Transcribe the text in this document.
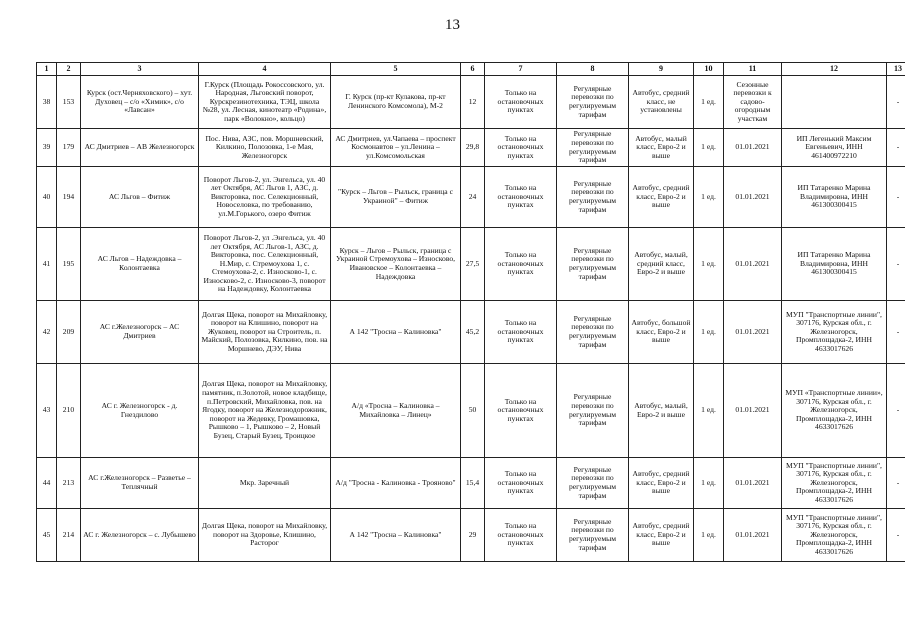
13
1	2	3	4	5	6	7	8	9	10	11	12	13
38	153	Курск (ост.Черняховского) – хут. Духовец – с/о «Химик», с/о «Лавсан»	Г.Курск (Площадь Рокоссовского, ул. Народная, Льговский поворот, Курскрезинотехника, ТЭЦ, школа №28, ул. Лесная, кинотеатр «Родина», парк «Волокно», кольцо)	Г. Курск (пр-кт Кулакова, пр-кт Ленинского Комсомола), М-2	12	Только на остановочных пунктах	Регулярные перевозки по регулируемым тарифам	Автобус, средний класс, не установлены	1 ед.	Сезонные перевозки к садово-огородным участкам		-
39	179	АС Дмитриев – АВ Железногорск	Пос. Нива, АЗС, пов. Моршневский, Килкино, Полозовка, 1-е Мая, Железногорск	АС Дмитриев, ул.Чапаева – проспект Космонавтов – ул.Ленина – ул.Комсомольская	29,8	Только на остановочных пунктах	Регулярные перевозки по регулируемым тарифам	Автобус, малый класс, Евро-2 и выше	1 ед.	01.01.2021	ИП Легенький Максим Евгеньевич, ИНН 461400972210	-
40	194	АС Льгов – Фитиж	Поворот Льгов-2, ул. Энгельса, ул. 40 лет Октября, АС Льгов 1, АЗС, д. Викторовка, пос. Селекционный, Новоселовка, по требованию, ул.М.Горького, озеро Фитиж	"Курск – Льгов – Рыльск, граница с Украиной" – Фитиж	24	Только на остановочных пунктах	Регулярные перевозки по регулируемым тарифам	Автобус, средний класс, Евро-2 и выше	1 ед.	01.01.2021	ИП Татаренко Марина Владимировна, ИНН 461300300415	-
41	195	АС Льгов – Надеждовка – Колонтаевка	Поворот Льгов-2, ул .Энгельса, ул. 40 лет Октября, АС Льгов-1, АЗС, д. Викторовка, пос. Селекционный, Н.Мир, с. Стремоухова 1, с. Стемоухова-2, с. Износково-1, с. Износково-2, с. Износково-3, поворот на Надеждовку, Колонтаевка	Курск – Льгов – Рыльск, граница с Украиной Стремоухова – Износково, Ивановское – Колонтаевка – Надеждовка	27,5	Только на остановочных пунктах	Регулярные перевозки по регулируемым тарифам	Автобус, малый, средний класс, Евро-2 и выше	1 ед.	01.01.2021	ИП Татаренко Марина Владимировна, ИНН 461300300415	-
42	209	АС г.Железногорск – АС Дмитриев	Долгая Щека, поворот на Михайловку, поворот на Клишино, поворот на Жуковец, поворот на Строитель, п. Майский, Полозовка, Килкино, пов. на Моршнево, ДЭУ, Нива	А 142 "Тросна – Калиновка"	45,2	Только на остановочных пунктах	Регулярные перевозки по регулируемым тарифам	Автобус, большой класс, Евро-2 и выше	1 ед.	01.01.2021	МУП "Транспортные линии", 307176, Курская обл., г. Железногорск, Промплощадка-2, ИНН 4633017626	-
43	210	АС г. Железногорск - д. Гнездилово	Долгая Щека, поворот на Михайловку, памятник, п.Золотой, новое кладбище, п.Петровский, Михайловка, пов. на Ягодку, поворот на Железнодорожник, поворот на Жедевку, Громашовка, Рышково – 1, Рышково – 2, Новый Бузец, Старый Бузец, Троицкое	А/д «Тросна – Калиновка – Михайловка – Линец»	50	Только на остановочных пунктах	Регулярные перевозки по регулируемым тарифам	Автобус, малый, Евро-2 и выше	1 ед.	01.01.2021	МУП «Транспортные линии», 307176, Курская обл., г. Железногорск, Промплощадка-2, ИНН 4633017626	-
44	213	АС г.Железногорск – Разветье – Теплячный	Мкр. Заречный	А/д "Тросна - Калиновка - Трояново"	15,4	Только на остановочных пунктах	Регулярные перевозки по регулируемым тарифам	Автобус, средний класс, Евро-2 и выше	1 ед.	01.01.2021	МУП "Транспортные линии", 307176, Курская обл., г. Железногорск, Промплощадка-2, ИНН 4633017626	-
45	214	АС г. Железногорск – с. Лубышево	Долгая Щека, поворот на Михайловку, поворот на Здоровье, Клишино, Расторог	А 142 "Тросна – Калиновка"	29	Только на остановочных пунктах	Регулярные перевозки по регулируемым тарифам	Автобус, средний класс, Евро-2 и выше	1 ед.	01.01.2021	МУП "Транспортные линии", 307176, Курская обл., г. Железногорск, Промплощадка-2, ИНН 4633017626	-
